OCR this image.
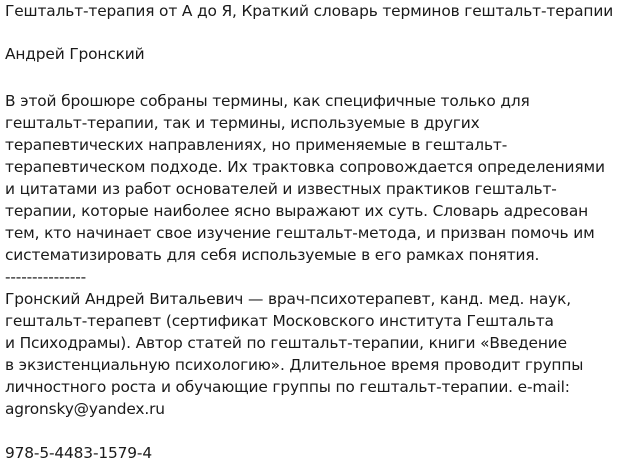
Гештальт-терапия от А до Я, Краткий словарь терминов гештальт-терапии
Андрей Гронский
В этой брошюре собраны термины, как специфичные только для
гештальт-терапии, так и термины, используемые в других
терапевтических направлениях, но применяемые в гештальт-
терапевтическом подходе. Их трактовка сопровождается определениями
и цитатами из работ основателей и известных практиков гештальт-
терапии, которые наиболее ясно выражают их суть. Словарь адресован
тем, кто начинает свое изучение гештальт-метода, и призван помочь им
систематизировать для себя используемые в его рамках понятия.
---------------
Гронский Андрей Витальевич — врач-психотерапевт, канд. мед. наук,
гештальт-терапевт (сертификат Московского института Гештальта
и Психодрамы). Автор статей по гештальт-терапии, книги «Введение
в экзистенциальную психологию». Длительное время проводит группы
личностного роста и обучающие группы по гештальт-терапии. e-mail:
agronsky@yandex.ru
978-5-4483-1579-4
